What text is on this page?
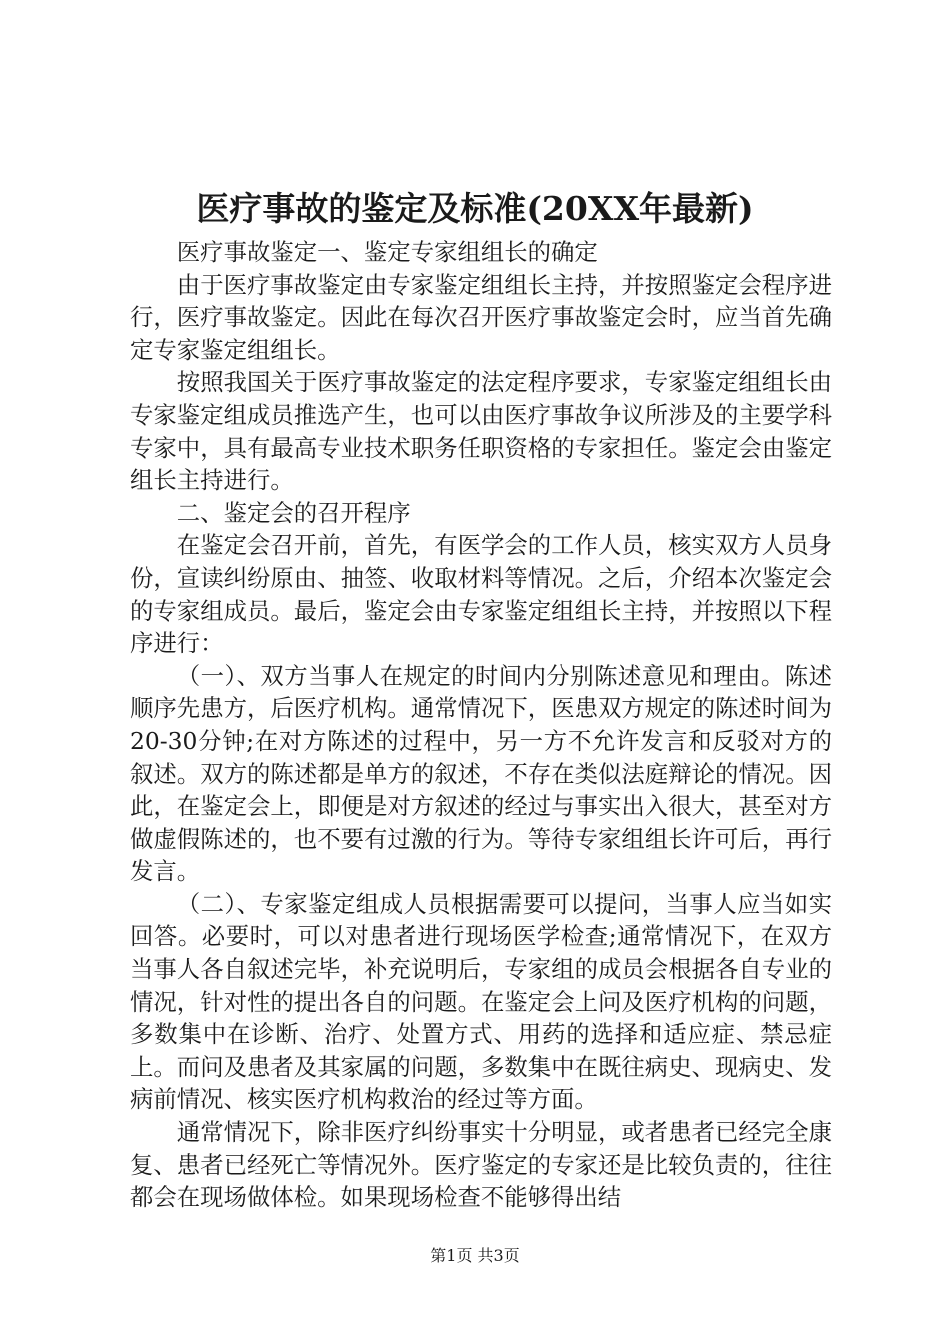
医疗事故的鉴定及标准(20XX年最新)

医疗事故鉴定一、鉴定专家组组长的确定

由于医疗事故鉴定由专家鉴定组组长主持，并按照鉴定会程序进行，医疗事故鉴定。因此在每次召开医疗事故鉴定会时，应当首先确定专家鉴定组组长。

按照我国关于医疗事故鉴定的法定程序要求，专家鉴定组组长由专家鉴定组成员推选产生，也可以由医疗事故争议所涉及的主要学科专家中，具有最高专业技术职务任职资格的专家担任。鉴定会由鉴定组长主持进行。

二、鉴定会的召开程序

在鉴定会召开前，首先，有医学会的工作人员，核实双方人员身份，宣读纠纷原由、抽签、收取材料等情况。之后，介绍本次鉴定会的专家组成员。最后，鉴定会由专家鉴定组组长主持，并按照以下程序进行：

（一）、双方当事人在规定的时间内分别陈述意见和理由。陈述顺序先患方，后医疗机构。通常情况下，医患双方规定的陈述时间为20-30分钟;在对方陈述的过程中，另一方不允许发言和反驳对方的叙述。双方的陈述都是单方的叙述，不存在类似法庭辩论的情况。因此，在鉴定会上，即便是对方叙述的经过与事实出入很大，甚至对方做虚假陈述的，也不要有过激的行为。等待专家组组长许可后，再行发言。

（二）、专家鉴定组成人员根据需要可以提问，当事人应当如实回答。必要时，可以对患者进行现场医学检查;通常情况下，在双方当事人各自叙述完毕，补充说明后，专家组的成员会根据各自专业的情况，针对性的提出各自的问题。在鉴定会上问及医疗机构的问题，多数集中在诊断、治疗、处置方式、用药的选择和适应症、禁忌症上。而问及患者及其家属的问题，多数集中在既往病史、现病史、发病前情况、核实医疗机构救治的经过等方面。

通常情况下，除非医疗纠纷事实十分明显，或者患者已经完全康复、患者已经死亡等情况外。医疗鉴定的专家还是比较负责的，往往都会在现场做体检。如果现场检查不能够得出结

第1页 共3页
